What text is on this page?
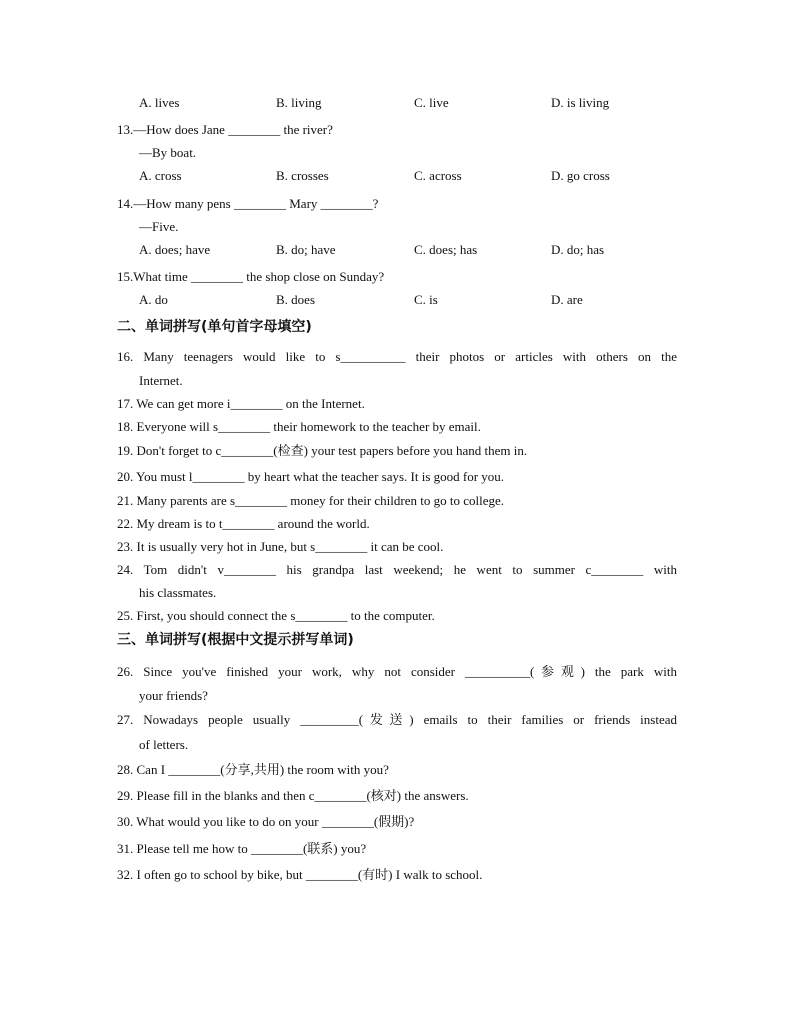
A. lives	B. living	C. live	D. is living
13.—How does Jane ________ the river?
—By boat.
A. cross	B. crosses	C. across	D. go cross
14.—How many pens ________ Mary ________?
—Five.
A. does; have	B. do; have	C. does; has	D. do; has
15.What time ________ the shop close on Sunday?
A. do	B. does	C. is	D. are
二、单词拼写(单句首字母填空)
16. Many teenagers would like to s__________ their photos or articles with others on the
Internet.
17. We can get more i________ on the Internet.
18. Everyone will s________ their homework to the teacher by email.
19. Don't forget to c________(检查) your test papers before you hand them in.
20. You must l________ by heart what the teacher says. It is good for you.
21. Many parents are s________ money for their children to go to college.
22. My dream is to t________ around the world.
23. It is usually very hot in June, but s________ it can be cool.
24. Tom didn't v________ his grandpa last weekend; he went to summer c________ with
his classmates.
25. First, you should connect the s________ to the computer.
三、单词拼写(根据中文提示拼写单词)
26. Since you've finished your work, why not consider __________(参观) the park with
your friends?
27. Nowadays people usually _________(发送) emails to their families or friends instead
of letters.
28. Can I ________(分享,共用) the room with you?
29. Please fill in the blanks and then c________(核对) the answers.
30. What would you like to do on your ________(假期)?
31. Please tell me how to ________(联系) you?
32. I often go to school by bike, but ________(有时) I walk to school.
